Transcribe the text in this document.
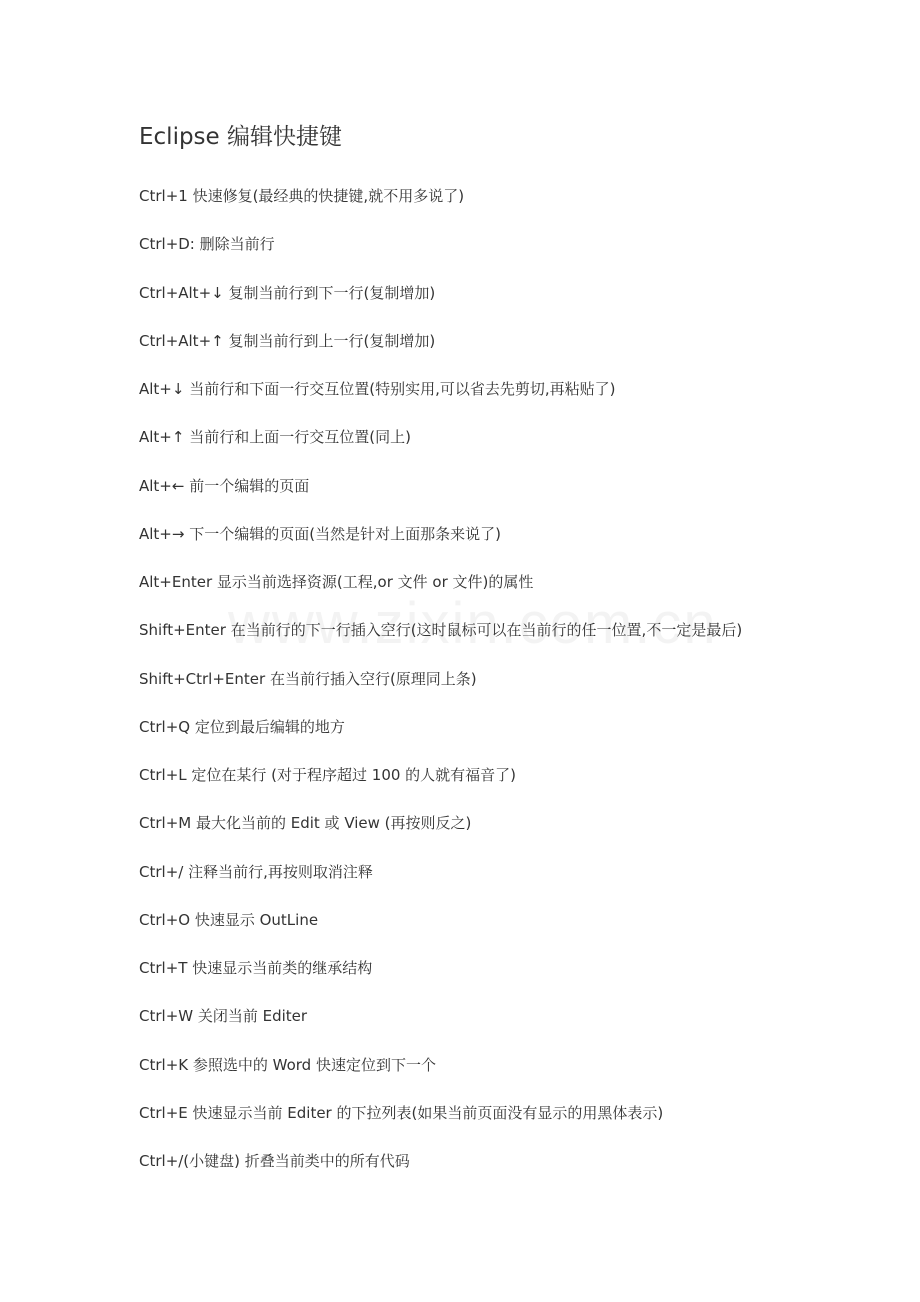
Eclipse 编辑快捷键
Ctrl+1 快速修复(最经典的快捷键,就不用多说了)
Ctrl+D: 删除当前行
Ctrl+Alt+↓ 复制当前行到下一行(复制增加)
Ctrl+Alt+↑ 复制当前行到上一行(复制增加)
Alt+↓ 当前行和下面一行交互位置(特别实用,可以省去先剪切,再粘贴了)
Alt+↑ 当前行和上面一行交互位置(同上)
Alt+← 前一个编辑的页面
Alt+→ 下一个编辑的页面(当然是针对上面那条来说了)
Alt+Enter 显示当前选择资源(工程,or 文件 or 文件)的属性
Shift+Enter 在当前行的下一行插入空行(这时鼠标可以在当前行的任一位置,不一定是最后)
Shift+Ctrl+Enter 在当前行插入空行(原理同上条)
Ctrl+Q 定位到最后编辑的地方
Ctrl+L 定位在某行 (对于程序超过 100 的人就有福音了)
Ctrl+M 最大化当前的 Edit 或 View (再按则反之)
Ctrl+/ 注释当前行,再按则取消注释
Ctrl+O 快速显示 OutLine
Ctrl+T 快速显示当前类的继承结构
Ctrl+W 关闭当前 Editer
Ctrl+K 参照选中的 Word 快速定位到下一个
Ctrl+E 快速显示当前 Editer 的下拉列表(如果当前页面没有显示的用黑体表示)
Ctrl+/(小键盘) 折叠当前类中的所有代码
